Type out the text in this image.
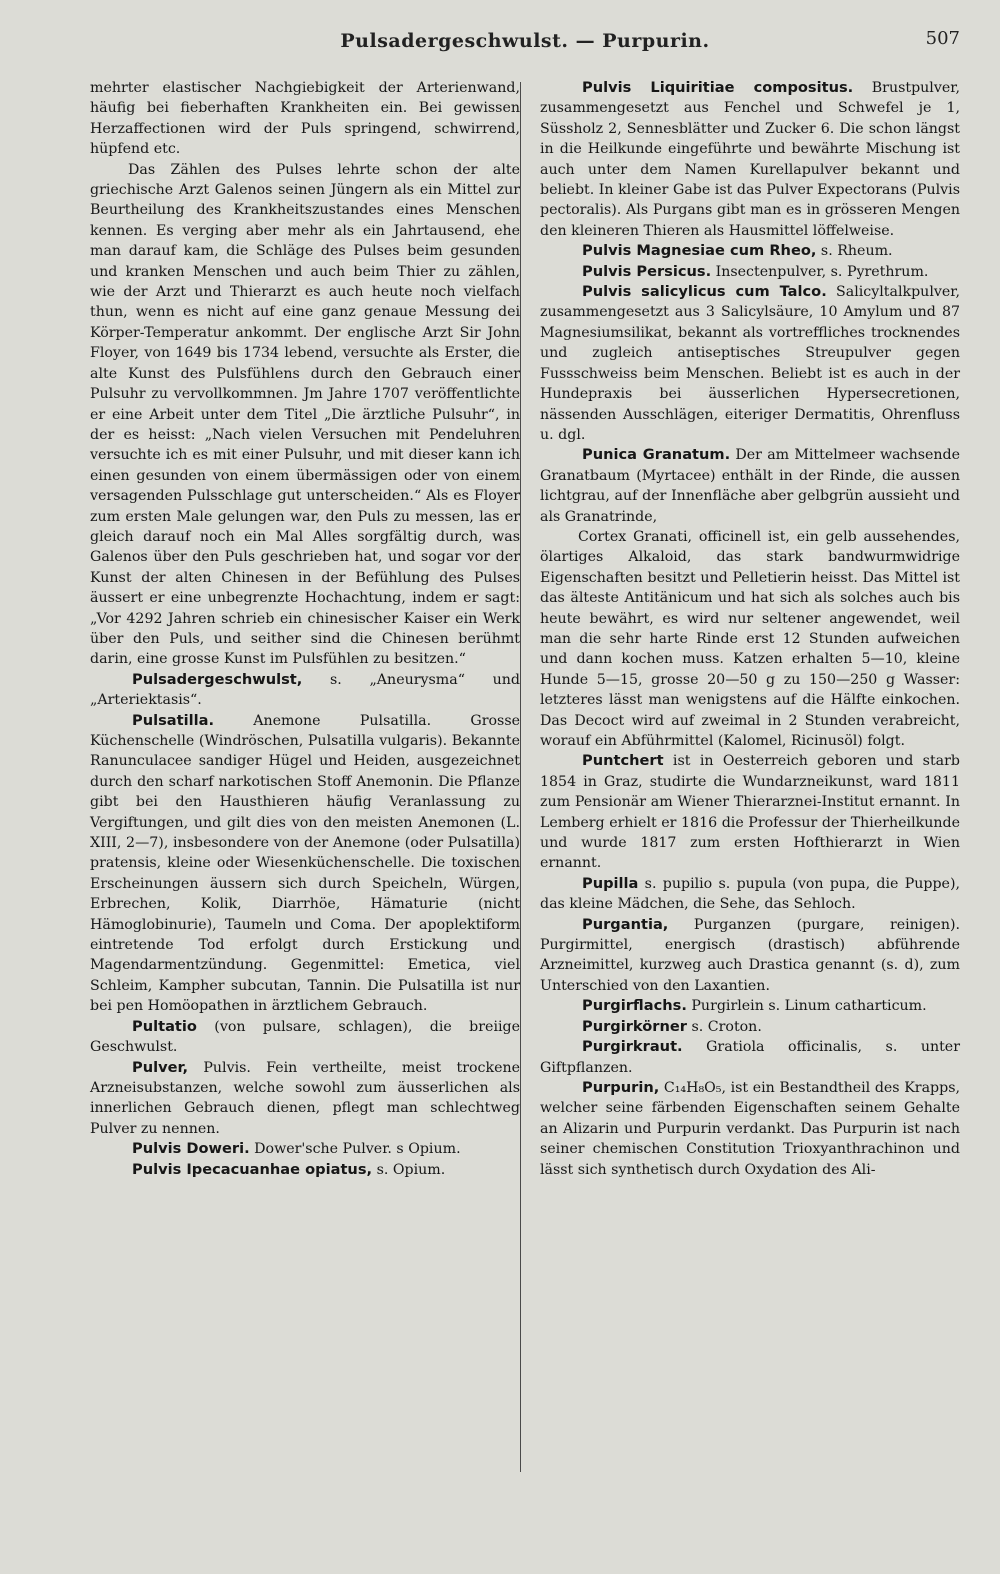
Pulsadergeschwulst. — Purpurin.	507

mehrter elastischer Nachgiebigkeit der Arterienwand, häufig bei fieberhaften Krankheiten ein. Bei gewissen Herzaffectionen wird der Puls springend, schwirrend, hüpfend etc.

Das Zählen des Pulses lehrte schon der alte griechische Arzt Galenos seinen Jüngern als ein Mittel zur Beurtheilung des Krankheitszustandes eines Menschen kennen. Es verging aber mehr als ein Jahrtausend, ehe man darauf kam, die Schläge des Pulses beim gesunden und kranken Menschen und auch beim Thier zu zählen, wie der Arzt und Thierarzt es auch heute noch vielfach thun, wenn es nicht auf eine ganz genaue Messung dei Körper-Temperatur ankommt. Der englische Arzt Sir John Floyer, von 1649 bis 1734 lebend, versuchte als Erster, die alte Kunst des Pulsfühlens durch den Gebrauch einer Pulsuhr zu vervollkommnen. Jm Jahre 1707 veröffentlichte er eine Arbeit unter dem Titel „Die ärztliche Pulsuhr“, in der es heisst: „Nach vielen Versuchen mit Pendeluhren versuchte ich es mit einer Pulsuhr, und mit dieser kann ich einen gesunden von einem übermässigen oder von einem versagenden Pulsschlage gut unterscheiden.“ Als es Floyer zum ersten Male gelungen war, den Puls zu messen, las er gleich darauf noch ein Mal Alles sorgfältig durch, was Galenos über den Puls geschrieben hat, und sogar vor der Kunst der alten Chinesen in der Befühlung des Pulses äussert er eine unbegrenzte Hochachtung, indem er sagt: „Vor 4292 Jahren schrieb ein chinesischer Kaiser ein Werk über den Puls, und seither sind die Chinesen berühmt darin, eine grosse Kunst im Pulsfühlen zu besitzen.“

Pulsadergeschwulst, s. „Aneurysma“ und „Arteriektasis“.

Pulsatilla. Anemone Pulsatilla. Grosse Küchenschelle (Windröschen, Pulsatilla vulgaris). Bekannte Ranunculacee sandiger Hügel und Heiden, ausgezeichnet durch den scharf narkotischen Stoff Anemonin. Die Pflanze gibt bei den Hausthieren häufig Veranlassung zu Vergiftungen, und gilt dies von den meisten Anemonen (L. XIII, 2—7), insbesondere von der Anemone (oder Pulsatilla) pratensis, kleine oder Wiesenküchenschelle. Die toxischen Erscheinungen äussern sich durch Speicheln, Würgen, Erbrechen, Kolik, Diarrhöe, Hämaturie (nicht Hämoglobinurie), Taumeln und Coma. Der apoplektiform eintretende Tod erfolgt durch Erstickung und Magendarmentzündung. Gegenmittel: Emetica, viel Schleim, Kampher subcutan, Tannin. Die Pulsatilla ist nur bei pen Homöopathen in ärztlichem Gebrauch.

Pultatio (von pulsare, schlagen), die breiige Geschwulst.

Pulver, Pulvis. Fein vertheilte, meist trockene Arzneisubstanzen, welche sowohl zum äusserlichen als innerlichen Gebrauch dienen, pflegt man schlechtweg Pulver zu nennen.

Pulvis Doweri. Dower'sche Pulver. s Opium.

Pulvis Ipecacuanhae opiatus, s. Opium.

Pulvis Liquiritiae compositus. Brustpulver, zusammengesetzt aus Fenchel und Schwefel je 1, Süssholz 2, Sennesblätter und Zucker 6. Die schon längst in die Heilkunde eingeführte und bewährte Mischung ist auch unter dem Namen Kurellapulver bekannt und beliebt. In kleiner Gabe ist das Pulver Expectorans (Pulvis pectoralis). Als Purgans gibt man es in grösseren Mengen den kleineren Thieren als Hausmittel löffelweise.

Pulvis Magnesiae cum Rheo, s. Rheum.

Pulvis Persicus. Insectenpulver, s. Pyrethrum.

Pulvis salicylicus cum Talco. Salicyltalkpulver, zusammengesetzt aus 3 Salicylsäure, 10 Amylum und 87 Magnesiumsilikat, bekannt als vortreffliches trocknendes und zugleich antiseptisches Streupulver gegen Fussschweiss beim Menschen. Beliebt ist es auch in der Hundepraxis bei äusserlichen Hypersecretionen, nässenden Ausschlägen, eiteriger Dermatitis, Ohrenfluss u. dgl.

Punica Granatum. Der am Mittelmeer wachsende Granatbaum (Myrtacee) enthält in der Rinde, die aussen lichtgrau, auf der Innenfläche aber gelbgrün aussieht und als Granatrinde,

Cortex Granati, officinell ist, ein gelb aussehendes, ölartiges Alkaloid, das stark bandwurmwidrige Eigenschaften besitzt und Pelletierin heisst. Das Mittel ist das älteste Antitänicum und hat sich als solches auch bis heute bewährt, es wird nur seltener angewendet, weil man die sehr harte Rinde erst 12 Stunden aufweichen und dann kochen muss. Katzen erhalten 5—10, kleine Hunde 5—15, grosse 20—50 g zu 150—250 g Wasser: letzteres lässt man wenigstens auf die Hälfte einkochen. Das Decoct wird auf zweimal in 2 Stunden verabreicht, worauf ein Abführmittel (Kalomel, Ricinusöl) folgt.

Puntchert ist in Oesterreich geboren und starb 1854 in Graz, studirte die Wundarzneikunst, ward 1811 zum Pensionär am Wiener Thierarznei-Institut ernannt. In Lemberg erhielt er 1816 die Professur der Thierheilkunde und wurde 1817 zum ersten Hofthierarzt in Wien ernannt.

Pupilla s. pupilio s. pupula (von pupa, die Puppe), das kleine Mädchen, die Sehe, das Sehloch.

Purgantia, Purganzen (purgare, reinigen). Purgirmittel, energisch (drastisch) abführende Arzneimittel, kurzweg auch Drastica genannt (s. d), zum Unterschied von den Laxantien.

Purgirflachs. Purgirlein s. Linum catharticum.

Purgirkörner s. Croton.

Purgirkraut. Gratiola officinalis, s. unter Giftpflanzen.

Purpurin, C₁₄H₈O₅, ist ein Bestandtheil des Krapps, welcher seine färbenden Eigenschaften seinem Gehalte an Alizarin und Purpurin verdankt. Das Purpurin ist nach seiner chemischen Constitution Trioxyanthrachinon und lässt sich synthetisch durch Oxydation des Ali-
